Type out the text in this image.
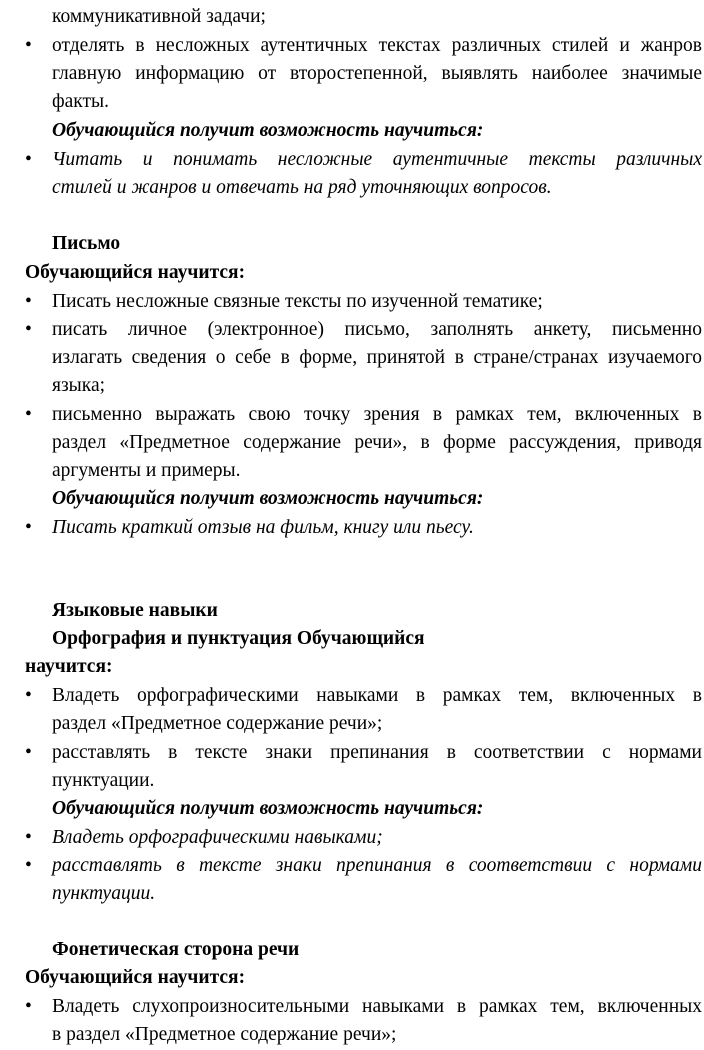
коммуникативной задачи;
• отделять в несложных аутентичных текстах различных стилей и жанров
главную информацию от второстепенной, выявлять наиболее значимые
факты.
Обучающийся получит возможность научиться:
• Читать и понимать несложные аутентичные тексты различных
стилей и жанров и отвечать на ряд уточняющих вопросов.
Письмо
Обучающийся научится:
• Писать несложные связные тексты по изученной тематике;
• писать личное (электронное) письмо, заполнять анкету, письменно
излагать сведения о себе в форме, принятой в стране/странах изучаемого
языка;
• письменно выражать свою точку зрения в рамках тем, включенных в
раздел «Предметное содержание речи», в форме рассуждения, приводя
аргументы и примеры.
Обучающийся получит возможность научиться:
• Писать краткий отзыв на фильм, книгу или пьесу.
Языковые навыки
Орфография и пунктуация Обучающийся
научится:
• Владеть орфографическими навыками в рамках тем, включенных в
раздел «Предметное содержание речи»;
• расставлять в тексте знаки препинания в соответствии с нормами
пунктуации.
Обучающийся получит возможность научиться:
• Владеть орфографическими навыками;
• расставлять в тексте знаки препинания в соответствии с нормами
пунктуации.
Фонетическая сторона речи
Обучающийся научится:
• Владеть слухопроизносительными навыками в рамках тем, включенных
в раздел «Предметное содержание речи»;
